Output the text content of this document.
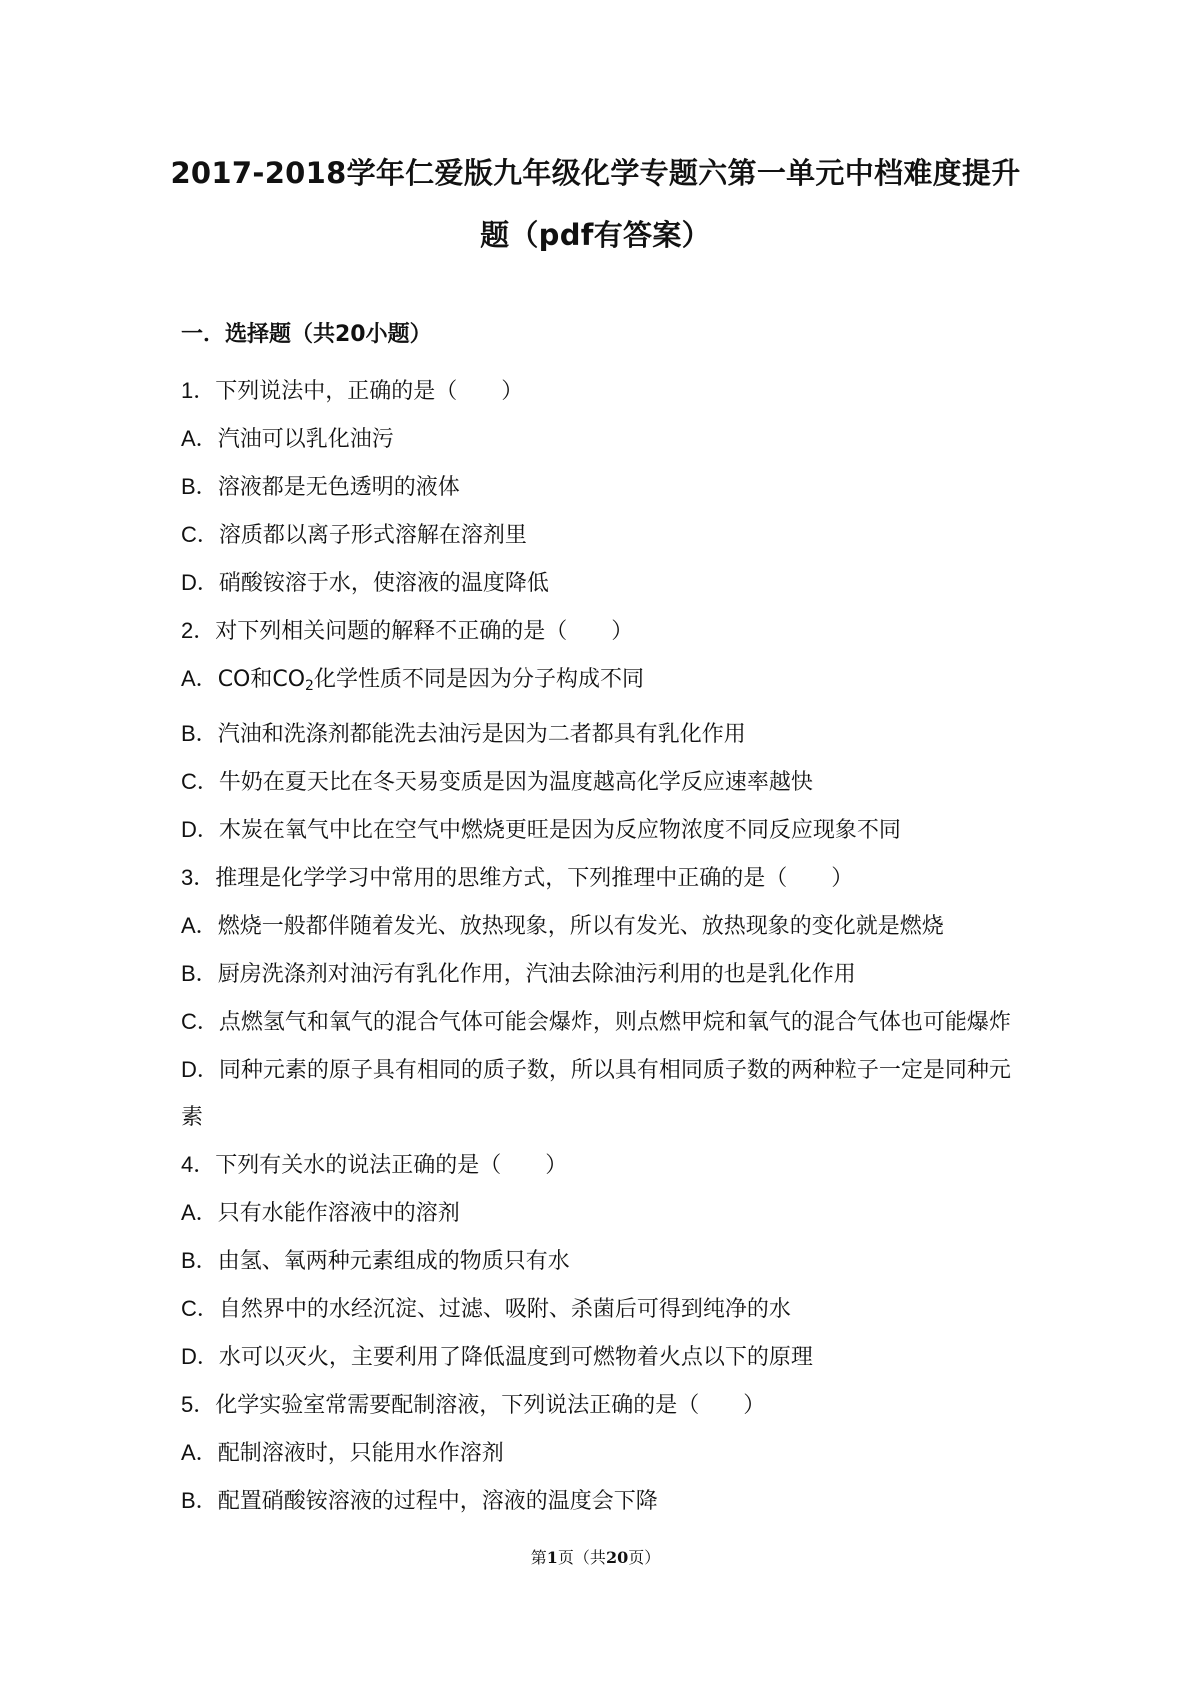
2017-2018学年仁爱版九年级化学专题六第一单元中档难度提升
题（pdf有答案）
一．选择题（共20小题）
1．下列说法中，正确的是（　　）
A．汽油可以乳化油污
B．溶液都是无色透明的液体
C．溶质都以离子形式溶解在溶剂里
D．硝酸铵溶于水，使溶液的温度降低
2．对下列相关问题的解释不正确的是（　　）
A．CO和$CO_2$化学性质不同是因为分子构成不同
B．汽油和洗涤剂都能洗去油污是因为二者都具有乳化作用
C．牛奶在夏天比在冬天易变质是因为温度越高化学反应速率越快
D．木炭在氧气中比在空气中燃烧更旺是因为反应物浓度不同反应现象不同
3．推理是化学学习中常用的思维方式，下列推理中正确的是（　　）
A．燃烧一般都伴随着发光、放热现象，所以有发光、放热现象的变化就是燃烧
B．厨房洗涤剂对油污有乳化作用，汽油去除油污利用的也是乳化作用
C．点燃氢气和氧气的混合气体可能会爆炸，则点燃甲烷和氧气的混合气体也可能爆炸
D．同种元素的原子具有相同的质子数，所以具有相同质子数的两种粒子一定是同种元素
4．下列有关水的说法正确的是（　　）
A．只有水能作溶液中的溶剂
B．由氢、氧两种元素组成的物质只有水
C．自然界中的水经沉淀、过滤、吸附、杀菌后可得到纯净的水
D．水可以灭火，主要利用了降低温度到可燃物着火点以下的原理
5．化学实验室常需要配制溶液，下列说法正确的是（　　）
A．配制溶液时，只能用水作溶剂
B．配置硝酸铵溶液的过程中，溶液的温度会下降
第1页（共20页）
